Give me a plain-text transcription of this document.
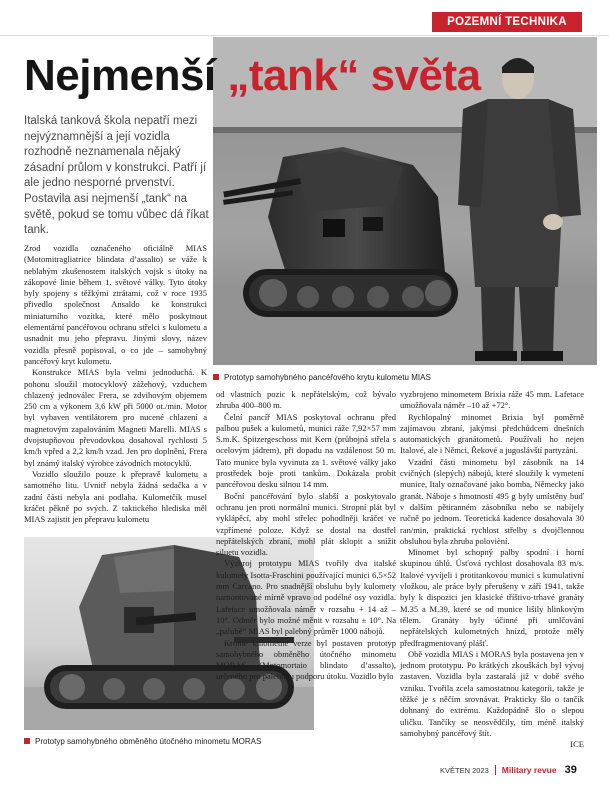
POZEMNÍ TECHNIKA
Prototyp samohybného pancéřového krytu kulometu MIAS
Nejmenší „tank“ světa
Italská tanková škola nepatří mezi nejvýznamnější a její vozidla rozhodně neznamenala nějaký zásadní průlom v konstrukci. Patří jí ale jedno nesporné prvenství. Postavila asi nejmenší „tank“ na světě, pokud se tomu vůbec dá říkat tank.

Zrod vozidla označeného oficiálně MIAS (Motomitragliatrice blindata d’assalto) se váže k neblahým zkušenostem italských vojsk s útoky na zákopové linie během 1. světové války. Tyto útoky byly spojeny s těžkými ztrátami, což v roce 1935 přivedlo společnost Ansaldo ke konstrukci miniaturního vozítka, které mělo poskytnout elementární pancéřovou ochranu střelci s kulometu a usnadnit mu jeho přepravu. Jinými slovy, název vozidla přesně popisoval, o co jde – samohybný pancéřový kryt kulometu.

Konstrukce MIAS byla velmi jednoduchá. K pohonu sloužil motocyklový zážehový, vzduchem chlazený jednoválec Frera, se zdvihovým objemem 250 cm a výkonem 3,6 kW při 5000 ot./min. Motor byl vybaven ventilátorem pro nucené chlazení a magnetovým zapalováním Magneti Marelli. MIAS s dvojstupňovou převodovkou dosahoval rychlosti 5 km/h vpřed a 2,2 km/h vzad. Jen pro doplnění, Frera byl známý italský výrobce závodních motocyklů.

Vozidlo sloužilo pouze k přepravě kulometu a samotného litu. Uvnitř nebyla žádná sedačka a v zadní části nebyla ani podlaha. Kulometčík musel kráčet pěkně po svých. Z taktického hlediska měl MIAS zajistit jen přepravu kulometu

Prototyp samohybného obměněho útočného minometu MORAS

od vlastních pozic k nepřátelským, což bývalo zhruba 400–800 m.

Čelní pancíř MIAS poskytoval ochranu před palbou pušek a kulometů, munici ráže 7,92×57 mm S.m.K. Spitzergeschoss mit Kern (průbojná střela s ocelovým jádrem), při dopadu na vzdálenost 50 m. Tato munice byla vyvinuta za 1. světové války jako prostředek boje proti tankům. Dokázala probít pancéřovou desku silnou 14 mm.

Boční pancéřování bylo slabší a poskytovalo ochranu jen proti normální munici. Stropní plát byl vyklápěcí, aby mohl střelec pohodlněji kráčet ve vzpřímené poloze. Když se dostal na dostřel nepřátelských zbraní, mohl plát sklopit a snížit siluetu vozidla.

Výzbroj prototypu MIAS tvořily dva italské kulomety Isotta-Fraschini používající munici 6,5×52 mm Carcano. Pro snadnější obsluhu byly kulomety namontované mírně vpravo od podélné osy vozidla. Lafetace umožňovala náměr v rozsahu + 14 až – 10°. Odměr bylo možné měnit v rozsahu ± 10°. Na „palubě“ MIAS byl palebný průměr 1000 nábojů.

Kromě kulometné verze byl postaven prototyp samohybného obměněho útočného minometu MORAS (Motomortaio blindato d’assalto), určeného pro palebnou podporu útoku. Vozidlo bylo

vyzbrojeno minometem Brixia ráže 45 mm. Lafetace umožňovala náměr –10 až +72°.

Rychlopalný minomet Brixia byl poměrně zajímavou zbraní, jakýmsi předchůdcem dnešních automatických granátometů. Používali ho nejen Italové, ale i Němci, Řekové a jugoslávští partyzáni.

Vzadní části minometu byl zásobník na 14 cvičných (slepých) nábojů, které sloužily k vymetení munice, Italy označované jako bomba, Německy jako granát. Náboje s hmotností 495 g byly umístěny buď v dalším pětiranném zásobníku nebo se nabíjely ručně po jednom. Teoretická kadence dosahovala 30 ran/min, praktická rychlost střelby s dvojčlennou obsluhou byla zhruba polovièní.

Minomet byl schopný palby spodní i horní skupinou úhlů. Úsťová rychlost dosahovala 83 m/s. Italové vyvíjeli i protitankovou munici s kumulativní vložkou, ale práce byly přerušeny v září 1941, takže byly k dispozici jen klasické tříštivo-trhavé granáty M.35 a M.39, které se od munice lišily hlinkovým tělem. Granáty byly účinné při umlčování nepřátelských kulometných hnízd, protože měly předfragmentovaný plášť.

Obě vozidla MIAS i MORAS byla postavena jen v jednom prototypu. Po krátkých zkouškách byl vývoj zastaven. Vozidla byla zastaralá již v době svého vzniku. Tvořila zcela samostatnou kategorii, takže je těžké je s něčím srovnávat. Prakticky šlo o tančík dohnaný do extrému. Každopádně šlo o slepou uličku. Tančíky se neosvědčily, tím méně italský samohybný pancéřový štít.

ICE

KVĚTEN 2023 Military revue 39
